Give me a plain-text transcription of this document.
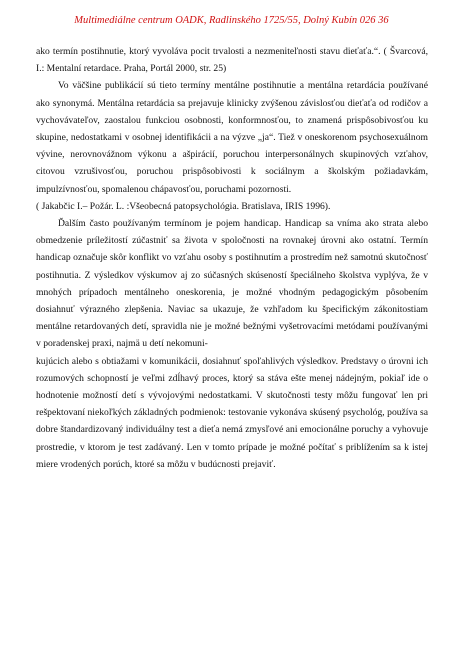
Multimediálne centrum OADK, Radlinského 1725/55, Dolný Kubín 026 36

ako termín postihnutie, ktorý vyvoláva pocit trvalosti a nezmeniteľnosti stavu dieťaťa.“. ( Švarcová, I.: Mentalní retardace. Praha, Portál 2000, str. 25)

Vo väčšine publikácií sú tieto termíny mentálne postihnutie a mentálna retardácia používané ako synonymá. Mentálna retardácia sa prejavuje klinicky zvýšenou závislosťou dieťaťa od rodičov a vychovávateľov, zaostalou funkciou osobnosti, konformnosťou, to znamená prispôsobivosťou ku skupine, nedostatkami v osobnej identifikácii a na výzve „ja“. Tiež v oneskorenom psychosexuálnom vývine, nerovnovážnom výkonu a ašpirácií, poruchou interpersonálnych skupinových vzťahov, citovou vzrušivosťou, poruchou prispôsobivosti k sociálnym a školským požiadavkám, impulzívnosťou, spomalenou chápavosťou, poruchami pozornosti.

( Jakabčic I.– Požár. L. :Všeobecná patopsychológia. Bratislava, IRIS 1996).

Ďalším často používaným termínom je pojem handicap. Handicap sa vníma ako strata alebo obmedzenie príležitostí zúčastniť sa života v spoločnosti na rovnakej úrovni ako ostatní. Termín handicap označuje skôr konflikt vo vzťahu osoby s postihnutím a prostredím než samotnú skutočnosť postihnutia. Z výsledkov výskumov aj zo súčasných skúseností špeciálneho školstva vyplýva, že v mnohých prípadoch mentálneho oneskorenia, je možné vhodným pedagogickým pôsobením dosiahnuť výrazného zlepšenia. Naviac sa ukazuje, že vzhľadom ku špecifickým zákonitostiam mentálne retardovaných detí, spravidla nie je možné bežnými vyšetrovacími metódami používanými v poradenskej praxi, najmä u detí nekomuni-

kujúcich alebo s obtiažami v komunikácii, dosiahnuť spoľahlivých výsledkov. Predstavy o úrovni ich rozumových schopností je veľmi zdĺhavý proces, ktorý sa stáva ešte menej nádejným, pokiaľ ide o hodnotenie možností detí s vývojovými nedostatkami. V skutočnosti testy môžu fungovať len pri rešpektovaní niekoľkých základných podmienok: testovanie vykonáva skúsený psychológ, používa sa dobre štandardizovaný individuálny test a dieťa nemá zmysľové ani emocionálne poruchy a vyhovuje prostredie, v ktorom je test zadávaný. Len v tomto prípade je možné počítať s priblížením sa k istej miere vrodených porúch, ktoré sa môžu v budúcnosti prejaviť.
